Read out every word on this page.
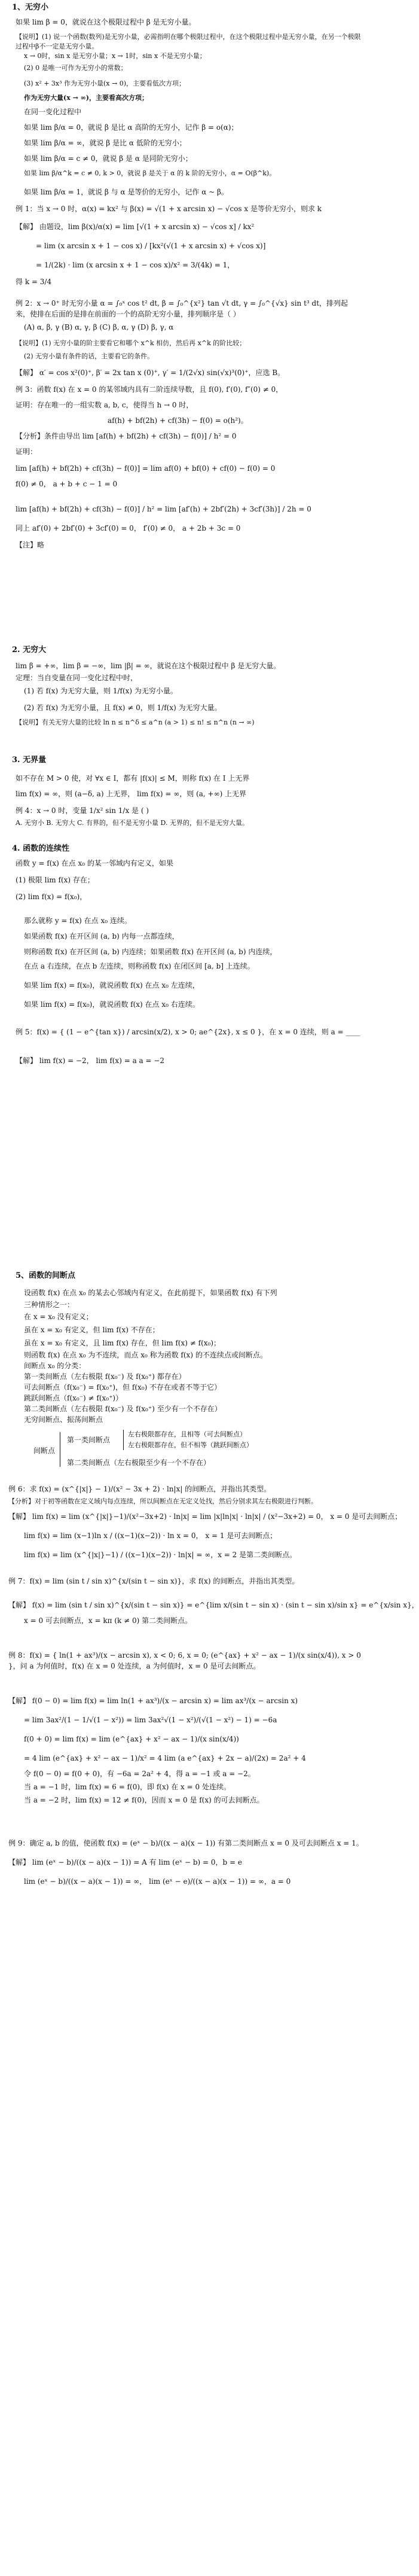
1、无穷小
如果 lim β = 0，就说在这个极限过程中 β 是无穷小量。
【说明】(1) 说一个函数(数列)是无穷小量，必需指明在哪个极限过程中，在这个极限过程中是无穷小量，在另一个极限过程中β不一定是无穷小量。
x → 0时，sin x 是无穷小量；x → 1时，sin x 不是无穷小量；
(2) 0 是唯一可作为无穷小的常数；
(3) x² + 3x³ 作为无穷小量(x → 0)，主要看低次方项；
作为无穷大量(x → ∞)，主要看高次方项；
在同一变化过程中
如果 lim β/α = 0，就说 β 是比 α 高阶的无穷小，记作 β = o(α)；
如果 lim β/α = ∞，就说 β 是比 α 低阶的无穷小；
如果 lim β/α = c ≠ 0，就说 β 是 α 是同阶无穷小；
如果 lim β/α^k = c ≠ 0, k > 0，就说 β 是关于 α 的 k 阶的无穷小，α = O(β^k)。
如果 lim β/α = 1，就说 β 与 α 是等价的无穷小，记作 α ~ β。
例 1：当 x → 0 时，α(x) = kx² 与 β(x) = √(1 + x arcsin x) − √cos x 是等价无穷小，则求 k
【解】 由题设，lim β(x)/α(x) = lim [√(1 + x arcsin x) − √cos x] / kx²
= lim (x arcsin x + 1 − cos x) / [kx²(√(1 + x arcsin x) + √cos x)]
= 1/(2k) · lim (x arcsin x + 1 − cos x)/x² = 3/(4k) = 1，
得 k = 3/4
例 2：x → 0⁺ 时无穷小量 α = ∫₀ˣ cos t² dt, β = ∫₀^{x²} tan √t dt, γ = ∫₀^{√x} sin t³ dt，排列起来，使排在后面的是排在前面的一个的高阶无穷小量，排列顺序是（ ）
(A) α, β, γ (B) α, γ, β (C) β, α, γ (D) β, γ, α
【说明】(1) 无穷小量的阶主要看它和哪个 x^k 相仿，然后再 x^k 的阶比较；
(2) 无穷小量有条件的话，主要看它的条件。
【解】 α′ = cos x²(0)⁺, β′ = 2x tan x (0)⁺, γ′ = 1/(2√x) sin(√x)³(0)⁺，应选 B。
例 3：函数 f(x) 在 x = 0 的某邻域内具有二阶连续导数，且 f(0), f′(0), f″(0) ≠ 0，
证明：存在唯一的一组实数 a, b, c，使得当 h → 0 时，
af(h) + bf(2h) + cf(3h) − f(0) = o(h²)。
【分析】条件由导出 lim [af(h) + bf(2h) + cf(3h) − f(0)] / h² = 0
证明：
lim [af(h) + bf(2h) + cf(3h) − f(0)] = lim af(0) + bf(0) + cf(0) − f(0) = 0
f(0) ≠ 0， a + b + c − 1 = 0
lim [af(h) + bf(2h) + cf(3h) − f(0)] / h² = lim [af′(h) + 2bf′(2h) + 3cf′(3h)] / 2h = 0
同上 af′(0) + 2bf′(0) + 3cf′(0) = 0， f′(0) ≠ 0， a + 2b + 3c = 0
【注】略
2. 无穷大
lim β = +∞，lim β = −∞，lim |β| = ∞，就说在这个极限过程中 β 是无穷大量。
定理：当自变量在同一变化过程中时，
(1) 若 f(x) 为无穷大量，则 1/f(x) 为无穷小量。
(2) 若 f(x) 为无穷小量，且 f(x) ≠ 0，则 1/f(x) 为无穷大量。
【说明】有关无穷大量的比较 ln n ≤ n^δ ≤ a^n (a > 1) ≤ n! ≤ n^n (n → ∞)
3. 无界量
如不存在 M > 0 使，对 ∀x ∈ I，都有 |f(x)| ≤ M，则称 f(x) 在 I 上无界
lim f(x) = ∞，则 (a−δ, a) 上无界， lim f(x) = ∞，则 (a, +∞) 上无界
例 4：x → 0 时，变量 1/x² sin 1/x 是 ( )
A. 无穷小 B. 无穷大 C. 有界的，但不是无穷小量 D. 无界的，但不是无穷大量。
4. 函数的连续性
函数 y = f(x) 在点 x₀ 的某一邻域内有定义，如果
(1) 极限 lim f(x) 存在；
(2) lim f(x) = f(x₀)，
那么就称 y = f(x) 在点 x₀ 连续。
如果函数 f(x) 在开区间 (a, b) 内每一点都连续，
则称函数 f(x) 在开区间 (a, b) 内连续；如果函数 f(x) 在开区间 (a, b) 内连续，
在点 a 右连续，在点 b 左连续，则称函数 f(x) 在闭区间 [a, b] 上连续。
如果 lim f(x) = f(x₀)，就说函数 f(x) 在点 x₀ 左连续，
如果 lim f(x) = f(x₀)，就说函数 f(x) 在点 x₀ 右连续。
例 5：f(x) = { (1 − e^{tan x}) / arcsin(x/2), x > 0; ae^{2x}, x ≤ 0 }，在 x = 0 连续，则 a = ____
【解】 lim f(x) = −2， lim f(x) = a a = −2
5、函数的间断点
设函数 f(x) 在点 x₀ 的某去心邻域内有定义，在此前提下，如果函数 f(x) 有下列
三种情形之一：
在 x = x₀ 没有定义；
虽在 x = x₀ 有定义，但 lim f(x) 不存在；
虽在 x = x₀ 有定义，且 lim f(x) 存在，但 lim f(x) ≠ f(x₀)；
则函数 f(x) 在点 x₀ 为不连续，而点 x₀ 称为函数 f(x) 的不连续点或间断点。
间断点 x₀ 的分类：
第一类间断点（左右极限 f(x₀⁻) 及 f(x₀⁺) 都存在）
可去间断点（f(x₀⁻) = f(x₀⁺)，但 f(x₀) 不存在或者不等于它）
跳跃间断点（f(x₀⁻) ≠ f(x₀⁺)）
第二类间断点（左右极限 f(x₀⁻) 及 f(x₀⁺) 至少有一个不存在）
无穷间断点、振荡间断点
间断点
第一类间断点
左右极限都存在，且相等（可去间断点）
左右极限都存在，但不相等（跳跃间断点）
第二类间断点（左右极限至少有一个不存在）
例 6：求 f(x) = (x^{|x|} − 1)/(x² − 3x + 2) · ln|x| 的间断点，并指出其类型。
【分析】对于初等函数在定义域内每点连续，所以间断点在无定义处找，然后分别求其左右极限进行判断。
【解】 lim f(x) = lim (x^{|x|}−1)/(x²−3x+2) · ln|x| = lim |x|ln|x| · ln|x| / (x²−3x+2) = 0， x = 0 是可去间断点；
lim f(x) = lim (x−1)ln x / ((x−1)(x−2)) · ln x = 0， x = 1 是可去间断点；
lim f(x) = lim (x^{|x|}−1) / ((x−1)(x−2)) · ln|x| = ∞，x = 2 是第二类间断点。
例 7：f(x) = lim (sin t / sin x)^{x/(sin t − sin x)}，求 f(x) 的间断点，并指出其类型。
【解】 f(x) = lim (sin t / sin x)^{x/(sin t − sin x)} = e^{lim x/(sin t − sin x) · (sin t − sin x)/sin x} = e^{x/sin x}，
x = 0 可去间断点，x = kπ (k ≠ 0) 第二类间断点。
例 8：f(x) = { ln(1 + ax³)/(x − arcsin x), x < 0; 6, x = 0; (e^{ax} + x² − ax − 1)/(x sin(x/4)), x > 0 }，问 a 为何值时，f(x) 在 x = 0 处连续，a 为何值时，x = 0 是可去间断点。
【解】 f(0 − 0) = lim f(x) = lim ln(1 + ax³)/(x − arcsin x) = lim ax³/(x − arcsin x)
= lim 3ax²/(1 − 1/√(1 − x²)) = lim 3ax²√(1 − x²)/(√(1 − x²) − 1) = −6a
f(0 + 0) = lim f(x) = lim (e^{ax} + x² − ax − 1)/(x sin(x/4))
= 4 lim (e^{ax} + x² − ax − 1)/x² = 4 lim (a e^{ax} + 2x − a)/(2x) = 2a² + 4
令 f(0 − 0) = f(0 + 0)，有 −6a = 2a² + 4，得 a = −1 或 a = −2。
当 a = −1 时，lim f(x) = 6 = f(0)，即 f(x) 在 x = 0 处连续。
当 a = −2 时，lim f(x) = 12 ≠ f(0)，因而 x = 0 是 f(x) 的可去间断点。
例 9：确定 a, b 的值，使函数 f(x) = (eˣ − b)/((x − a)(x − 1)) 有第二类间断点 x = 0 及可去间断点 x = 1。
【解】 lim (eˣ − b)/((x − a)(x − 1)) = A 有 lim (eˣ − b) = 0，b = e
lim (eˣ − b)/((x − a)(x − 1)) = ∞， lim (eˣ − e)/((x − a)(x − 1)) = ∞，a = 0
